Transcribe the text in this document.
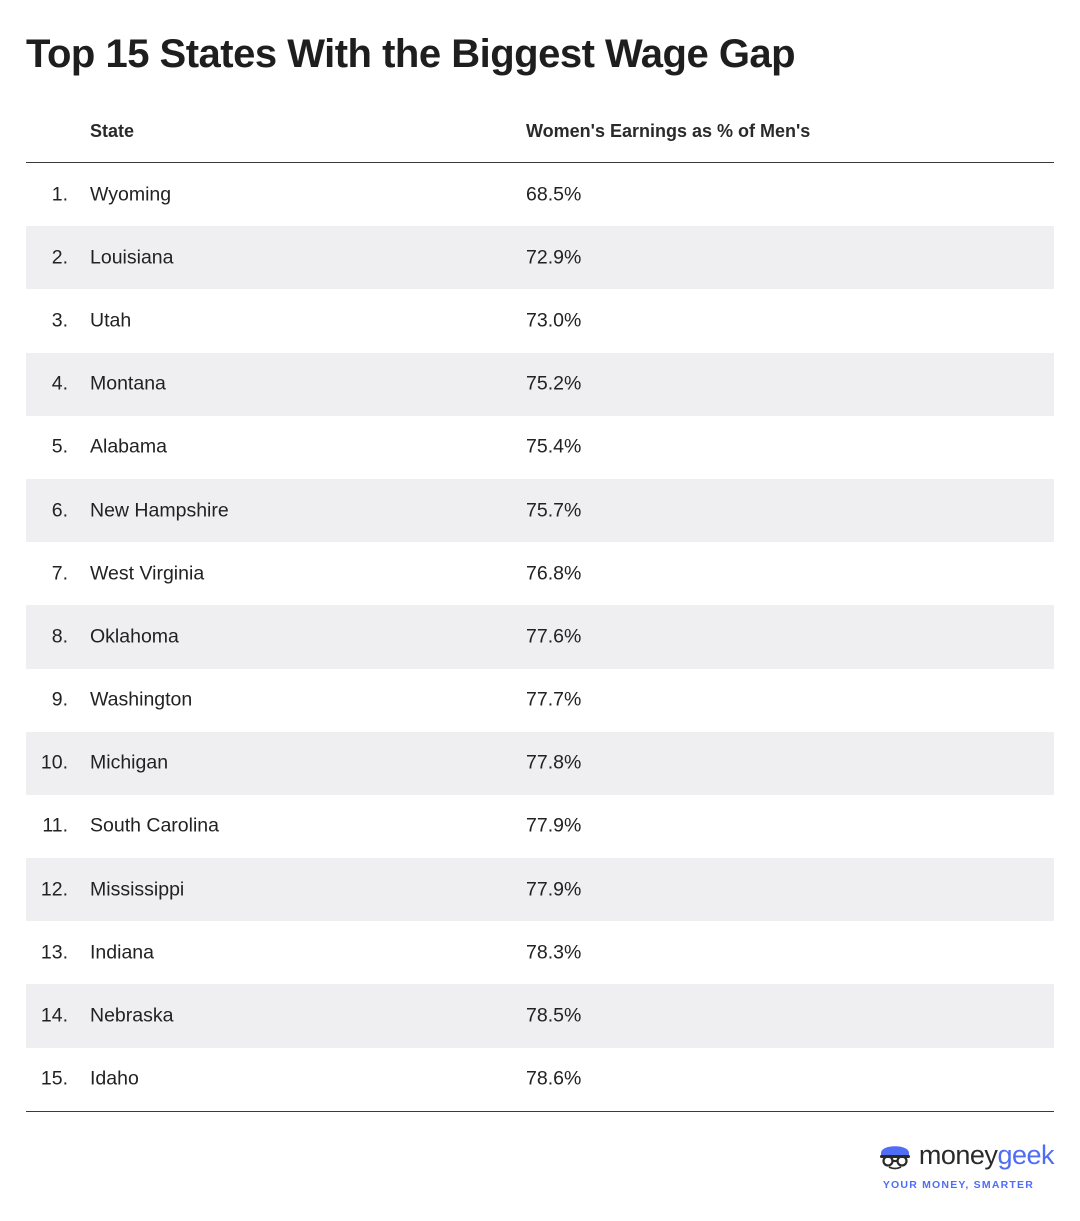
Top 15 States With the Biggest Wage Gap
State	Women's Earnings as % of Men's
1. Wyoming	68.5%
2. Louisiana	72.9%
3. Utah	73.0%
4. Montana	75.2%
5. Alabama	75.4%
6. New Hampshire	75.7%
7. West Virginia	76.8%
8. Oklahoma	77.6%
9. Washington	77.7%
10. Michigan	77.8%
11. South Carolina	77.9%
12. Mississippi	77.9%
13. Indiana	78.3%
14. Nebraska	78.5%
15. Idaho	78.6%
moneygeek
YOUR MONEY, SMARTER
